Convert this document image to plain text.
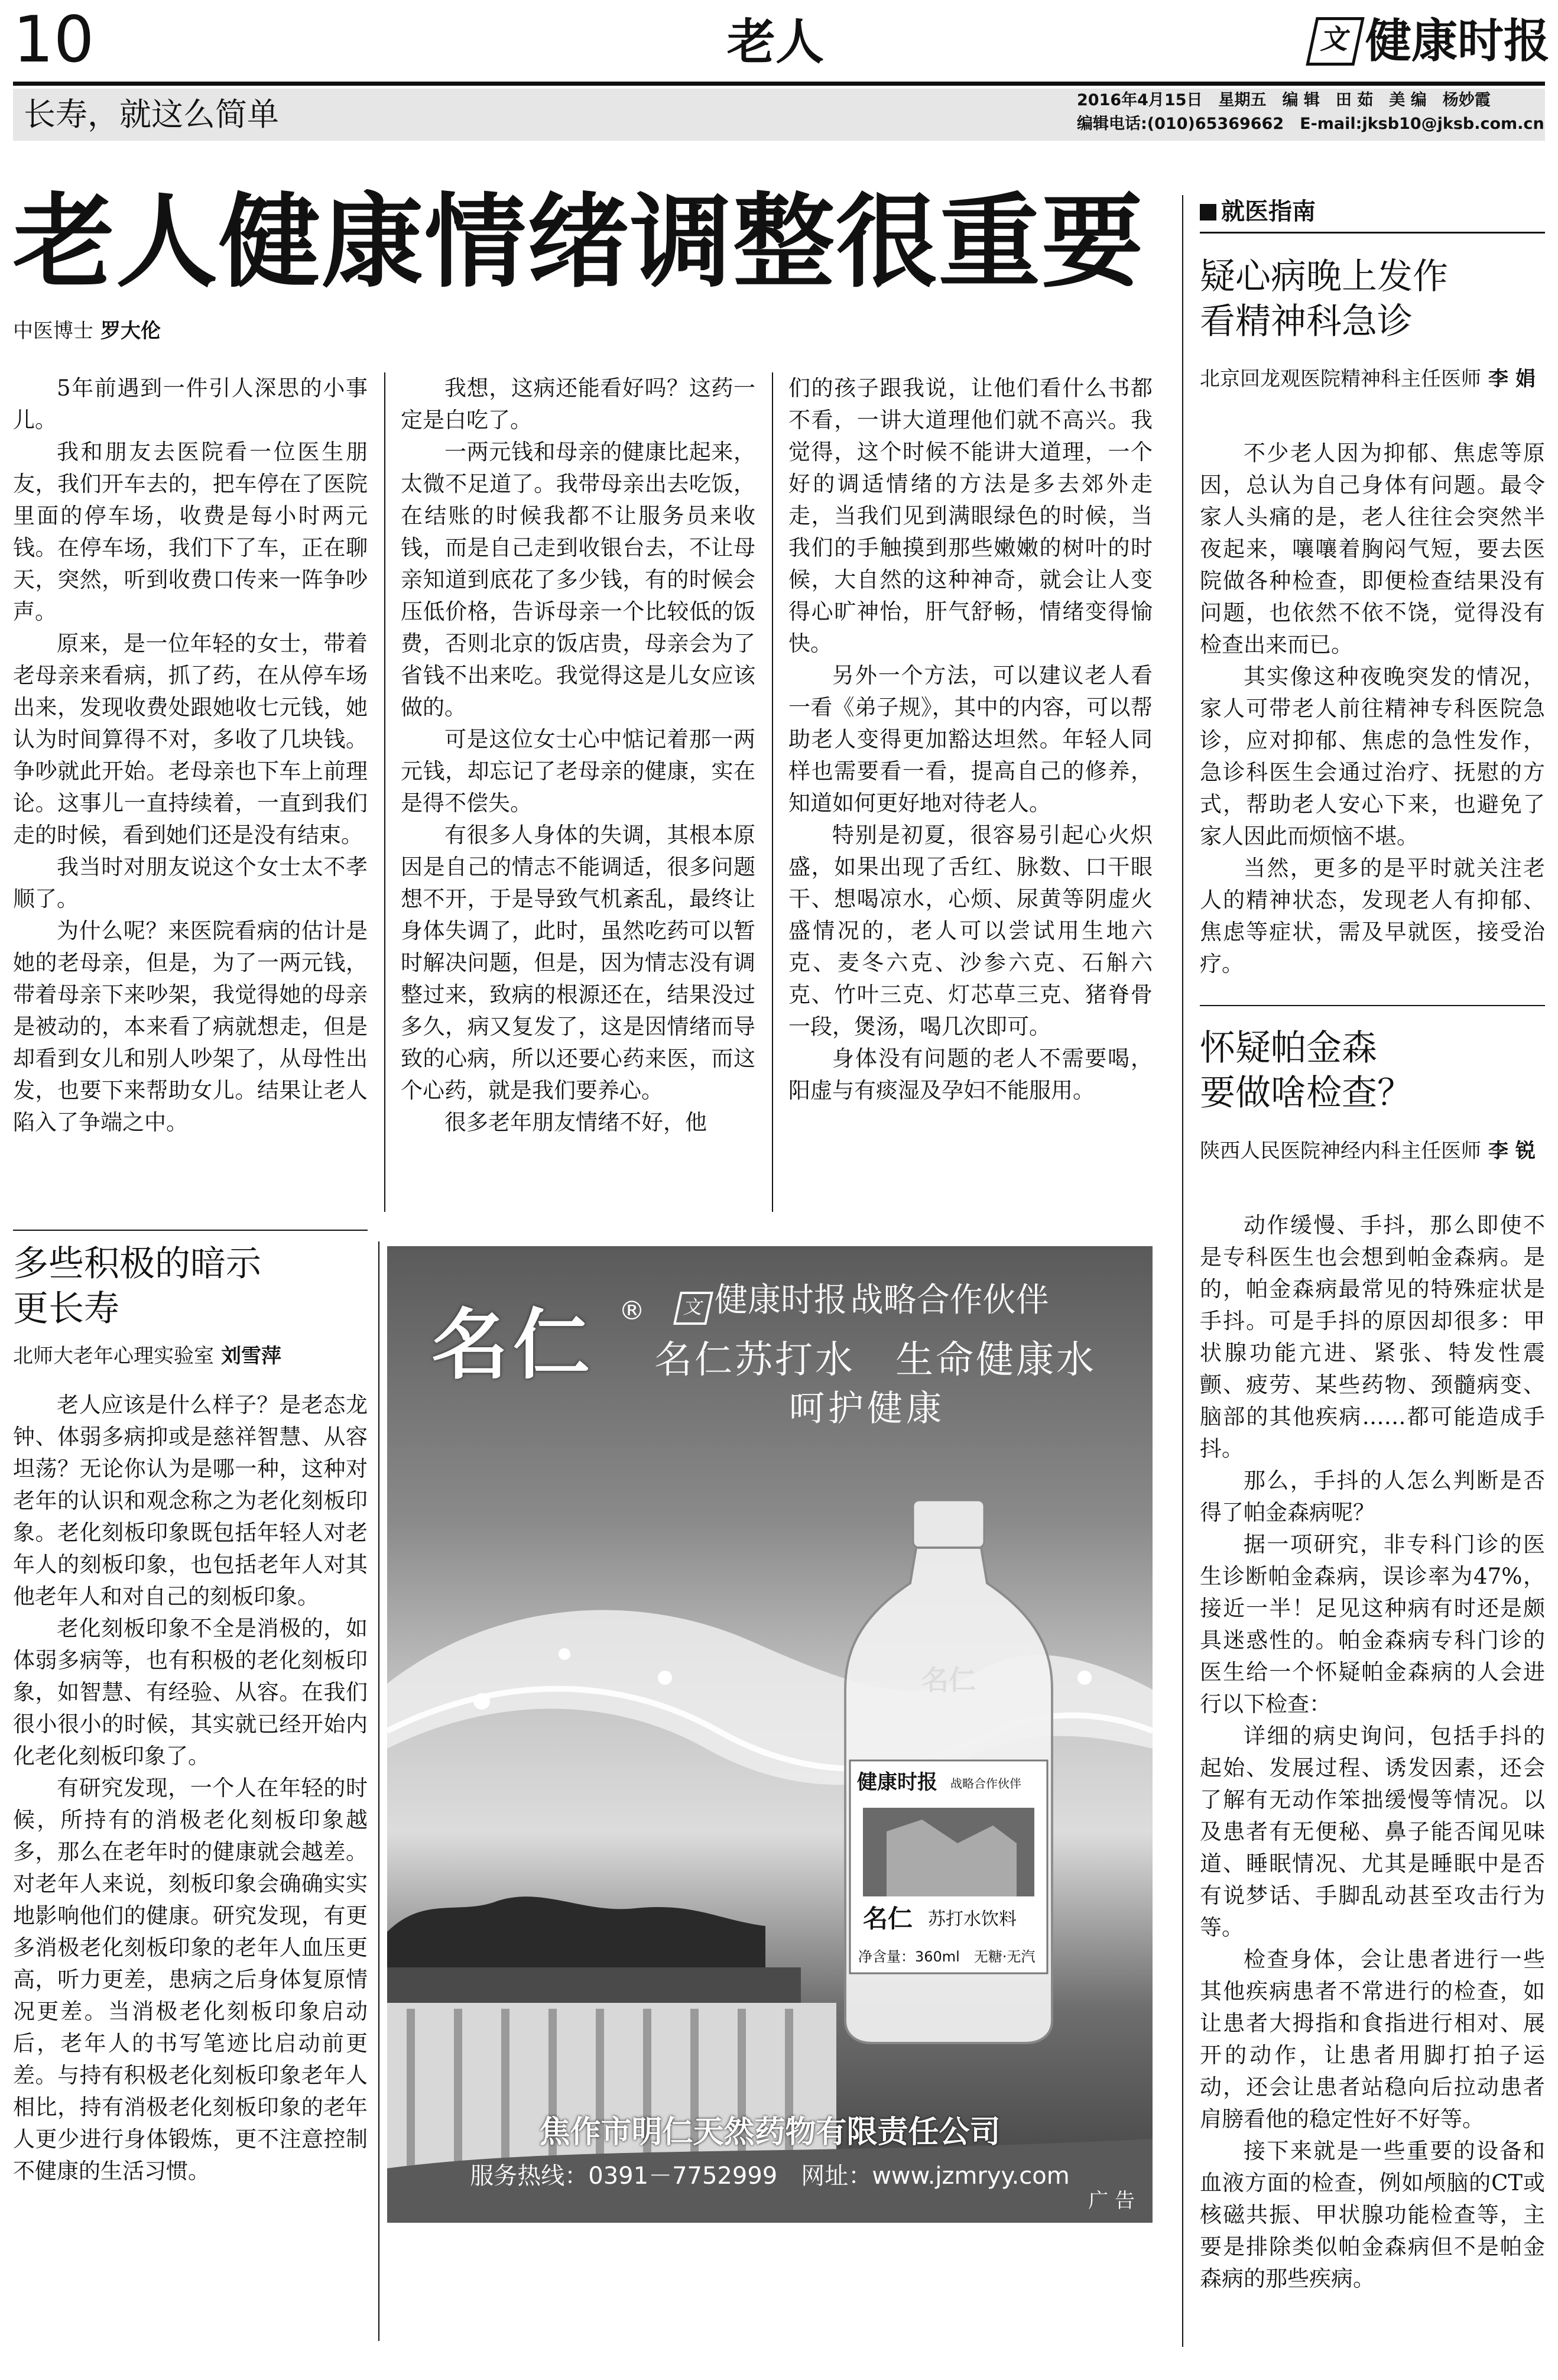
10	老人	文 健康时报
长寿，就这么简单	2016年4月15日　星期五　编 辑　田 茹　美 编　杨妙霞
编辑电话:(010)65369662　E-mail:jksb10@jksb.com.cn
老人健康情绪调整很重要
中医博士 罗大伦

5年前遇到一件引人深思的小事儿。

我和朋友去医院看一位医生朋友，我们开车去的，把车停在了医院里面的停车场，收费是每小时两元钱。在停车场，我们下了车，正在聊天，突然，听到收费口传来一阵争吵声。

原来，是一位年轻的女士，带着老母亲来看病，抓了药，在从停车场出来，发现收费处跟她收七元钱，她认为时间算得不对，多收了几块钱。争吵就此开始。老母亲也下车上前理论。这事儿一直持续着，一直到我们走的时候，看到她们还是没有结束。

我当时对朋友说这个女士太不孝顺了。

为什么呢？来医院看病的估计是她的老母亲，但是，为了一两元钱，带着母亲下来吵架，我觉得她的母亲是被动的，本来看了病就想走，但是却看到女儿和别人吵架了，从母性出发，也要下来帮助女儿。结果让老人陷入了争端之中。

我想，这病还能看好吗？这药一定是白吃了。

一两元钱和母亲的健康比起来，太微不足道了。我带母亲出去吃饭，在结账的时候我都不让服务员来收钱，而是自己走到收银台去，不让母亲知道到底花了多少钱，有的时候会压低价格，告诉母亲一个比较低的饭费，否则北京的饭店贵，母亲会为了省钱不出来吃。我觉得这是儿女应该做的。

可是这位女士心中惦记着那一两元钱，却忘记了老母亲的健康，实在是得不偿失。

有很多人身体的失调，其根本原因是自己的情志不能调适，很多问题想不开，于是导致气机紊乱，最终让身体失调了，此时，虽然吃药可以暂时解决问题，但是，因为情志没有调整过来，致病的根源还在，结果没过多久，病又复发了，这是因情绪而导致的心病，所以还要心药来医，而这个心药，就是我们要养心。

很多老年朋友情绪不好，他

们的孩子跟我说，让他们看什么书都不看，一讲大道理他们就不高兴。我觉得，这个时候不能讲大道理，一个好的调适情绪的方法是多去郊外走走，当我们见到满眼绿色的时候，当我们的手触摸到那些嫩嫩的树叶的时候，大自然的这种神奇，就会让人变得心旷神怡，肝气舒畅，情绪变得愉快。

另外一个方法，可以建议老人看一看《弟子规》，其中的内容，可以帮助老人变得更加豁达坦然。年轻人同样也需要看一看，提高自己的修养，知道如何更好地对待老人。

特别是初夏，很容易引起心火炽盛，如果出现了舌红、脉数、口干眼干、想喝凉水，心烦、尿黄等阴虚火盛情况的，老人可以尝试用生地六克、麦冬六克、沙参六克、石斛六克、竹叶三克、灯芯草三克、猪脊骨一段，煲汤，喝几次即可。

身体没有问题的老人不需要喝，阳虚与有痰湿及孕妇不能服用。

多些积极的暗示
更长寿
北师大老年心理实验室 刘雪萍

老人应该是什么样子？是老态龙钟、体弱多病抑或是慈祥智慧、从容坦荡？无论你认为是哪一种，这种对老年的认识和观念称之为老化刻板印象。老化刻板印象既包括年轻人对老年人的刻板印象，也包括老年人对其他老年人和对自己的刻板印象。

老化刻板印象不全是消极的，如体弱多病等，也有积极的老化刻板印象，如智慧、有经验、从容。在我们很小很小的时候，其实就已经开始内化老化刻板印象了。

有研究发现，一个人在年轻的时候，所持有的消极老化刻板印象越多，那么在老年时的健康就会越差。对老年人来说，刻板印象会确确实实地影响他们的健康。研究发现，有更多消极老化刻板印象的老年人血压更高，听力更差，患病之后身体复原情况更差。当消极老化刻板印象启动后，老年人的书写笔迹比启动前更差。与持有积极老化刻板印象老年人相比，持有消极老化刻板印象的老年人更少进行身体锻炼，更不注意控制不健康的生活习惯。

名仁
健康时报 战略合作伙伴
名仁 苏打水饮料
净含量：360ml　无糖·无汽
名仁 ® 文 健康时报 战略合作伙伴
名仁苏打水　生命健康水
呵护健康
焦作市明仁天然药物有限责任公司
服务热线：0391－7752999　网址：www.jzmryy.com
广 告
就医指南
疑心病晚上发作
看精神科急诊
北京回龙观医院精神科主任医师 李 娟

不少老人因为抑郁、焦虑等原因，总认为自己身体有问题。最令家人头痛的是，老人往往会突然半夜起来，嚷嚷着胸闷气短，要去医院做各种检查，即便检查结果没有问题，也依然不依不饶，觉得没有检查出来而已。

其实像这种夜晚突发的情况，家人可带老人前往精神专科医院急诊，应对抑郁、焦虑的急性发作，急诊科医生会通过治疗、抚慰的方式，帮助老人安心下来，也避免了家人因此而烦恼不堪。

当然，更多的是平时就关注老人的精神状态，发现老人有抑郁、焦虑等症状，需及早就医，接受治疗。

怀疑帕金森
要做啥检查？
陕西人民医院神经内科主任医师 李 锐

动作缓慢、手抖，那么即使不是专科医生也会想到帕金森病。是的，帕金森病最常见的特殊症状是手抖。可是手抖的原因却很多：甲状腺功能亢进、紧张、特发性震颤、疲劳、某些药物、颈髓病变、脑部的其他疾病……都可能造成手抖。

那么，手抖的人怎么判断是否得了帕金森病呢？

据一项研究，非专科门诊的医生诊断帕金森病，误诊率为47%，接近一半！足见这种病有时还是颇具迷惑性的。帕金森病专科门诊的医生给一个怀疑帕金森病的人会进行以下检查：

详细的病史询问，包括手抖的起始、发展过程、诱发因素，还会了解有无动作笨拙缓慢等情况。以及患者有无便秘、鼻子能否闻见味道、睡眠情况、尤其是睡眠中是否有说梦话、手脚乱动甚至攻击行为等。

检查身体，会让患者进行一些其他疾病患者不常进行的检查，如让患者大拇指和食指进行相对、展开的动作，让患者用脚打拍子运动，还会让患者站稳向后拉动患者肩膀看他的稳定性好不好等。

接下来就是一些重要的设备和血液方面的检查，例如颅脑的CT或核磁共振、甲状腺功能检查等，主要是排除类似帕金森病但不是帕金森病的那些疾病。
